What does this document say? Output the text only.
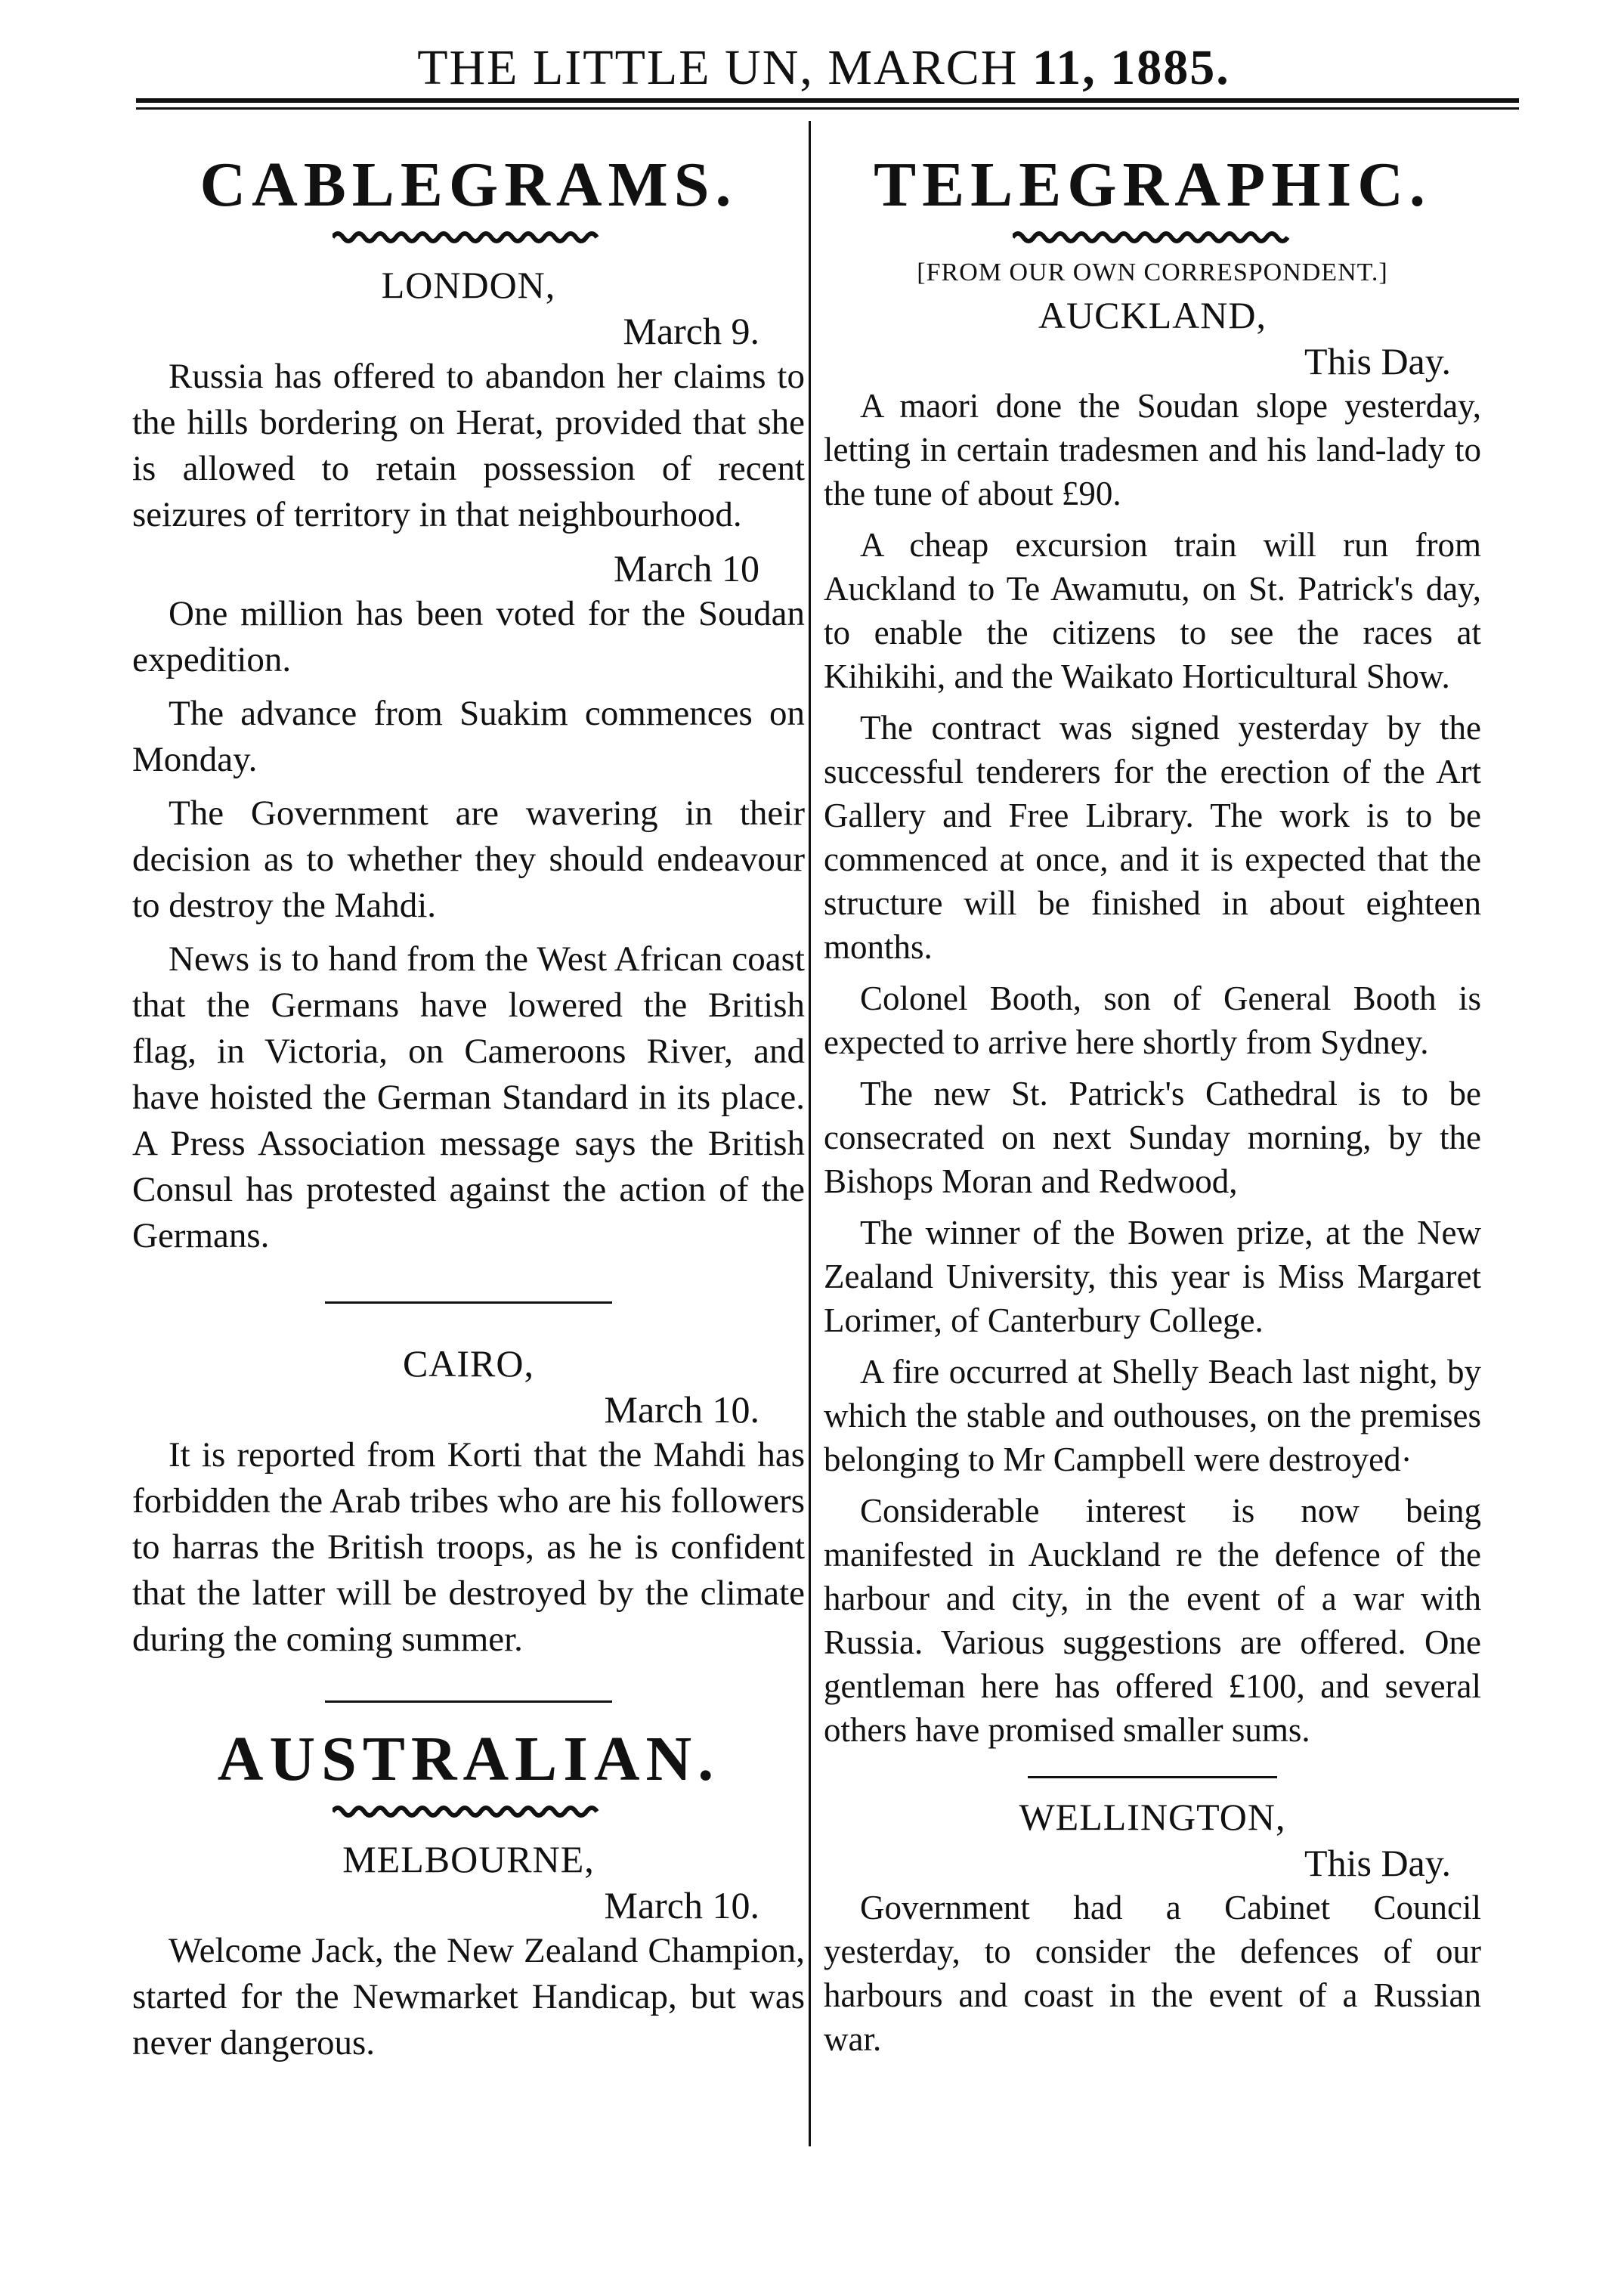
THE LITTLE UN, MARCH 11, 1885.
CABLEGRAMS.
LONDON,
March 9.

Russia has offered to abandon her claims to the hills bordering on Herat, provided that she is allowed to retain possession of recent seizures of territory in that neighbourhood.

March 10

One million has been voted for the Soudan expedition.

The advance from Suakim commences on Monday.

The Government are wavering in their decision as to whether they should endeavour to destroy the Mahdi.

News is to hand from the West African coast that the Germans have lowered the British flag, in Victoria, on Cameroons River, and have hoisted the German Standard in its place. A Press Association message says the British Consul has protested against the action of the Germans.

CAIRO,
March 10.

It is reported from Korti that the Mahdi has forbidden the Arab tribes who are his followers to harras the British troops, as he is confident that the latter will be destroyed by the climate during the coming summer.

AUSTRALIAN.
MELBOURNE,
March 10.

Welcome Jack, the New Zealand Champion, started for the Newmarket Handicap, but was never dangerous.

TELEGRAPHIC.
[FROM OUR OWN CORRESPONDENT.]
AUCKLAND,
This Day.

A maori done the Soudan slope yesterday, letting in certain tradesmen and his land-lady to the tune of about £90.

A cheap excursion train will run from Auckland to Te Awamutu, on St. Patrick's day, to enable the citizens to see the races at Kihikihi, and the Waikato Horticultural Show.

The contract was signed yesterday by the successful tenderers for the erection of the Art Gallery and Free Library. The work is to be commenced at once, and it is expected that the structure will be finished in about eighteen months.

Colonel Booth, son of General Booth is expected to arrive here shortly from Sydney.

The new St. Patrick's Cathedral is to be consecrated on next Sunday morning, by the Bishops Moran and Redwood,

The winner of the Bowen prize, at the New Zealand University, this year is Miss Margaret Lorimer, of Canterbury College.

A fire occurred at Shelly Beach last night, by which the stable and outhouses, on the premises belonging to Mr Campbell were destroyed·

Considerable interest is now being manifested in Auckland re the defence of the harbour and city, in the event of a war with Russia. Various suggestions are offered. One gentleman here has offered £100, and several others have promised smaller sums.

WELLINGTON,
This Day.

Government had a Cabinet Council yesterday, to consider the defences of our harbours and coast in the event of a Russian war.
